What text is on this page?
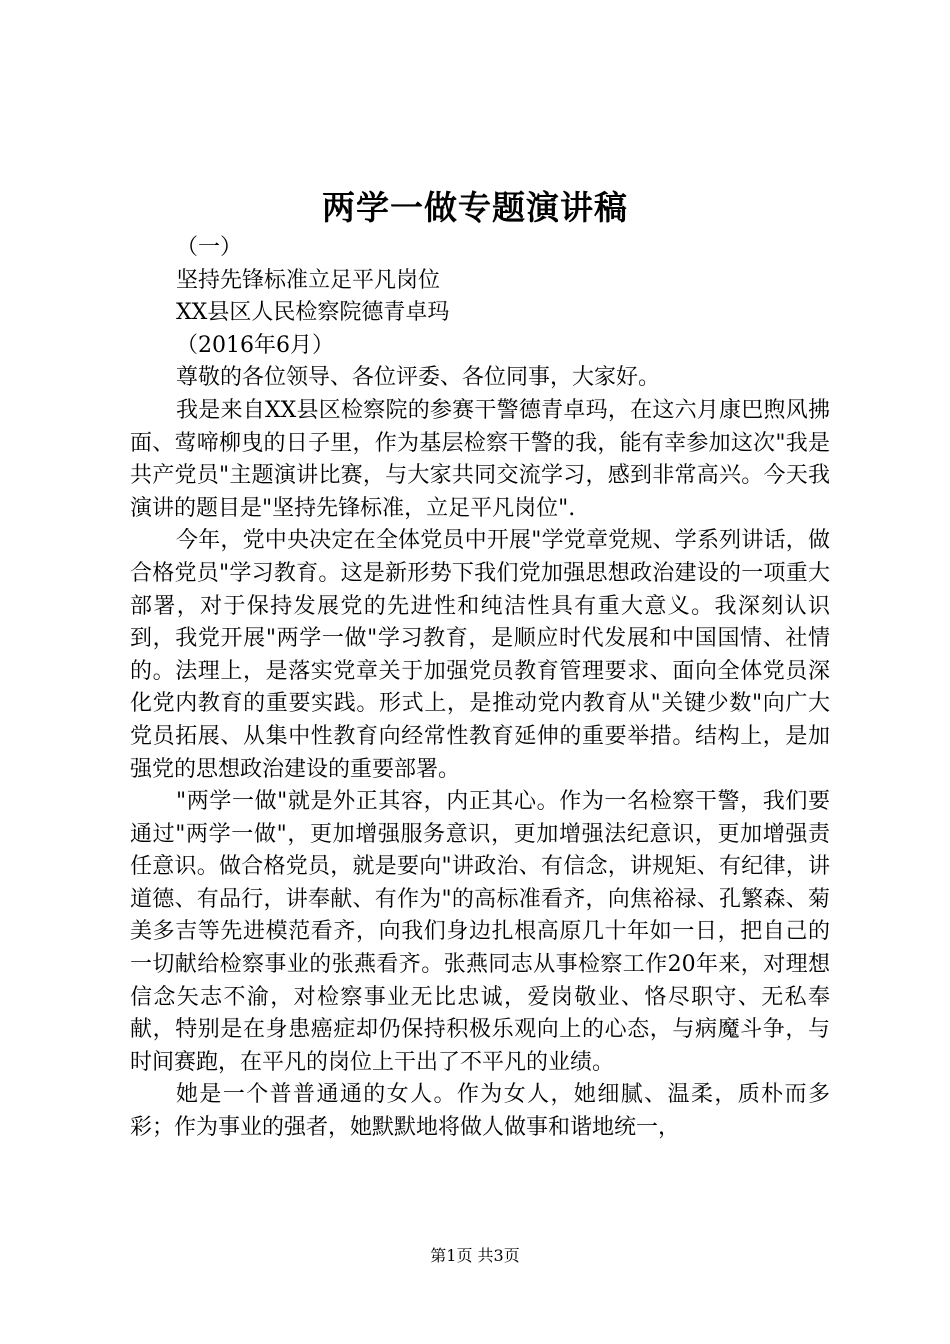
两学一做专题演讲稿

（一）

坚持先锋标准立足平凡岗位

XX县区人民检察院德青卓玛

（2016年6月）

尊敬的各位领导、各位评委、各位同事，大家好。

我是来自XX县区检察院的参赛干警德青卓玛，在这六月康巴煦风拂面、莺啼柳曳的日子里，作为基层检察干警的我，能有幸参加这次"我是共产党员"主题演讲比赛，与大家共同交流学习，感到非常高兴。今天我演讲的题目是"坚持先锋标准，立足平凡岗位".

今年，党中央决定在全体党员中开展"学党章党规、学系列讲话，做合格党员"学习教育。这是新形势下我们党加强思想政治建设的一项重大部署，对于保持发展党的先进性和纯洁性具有重大意义。我深刻认识到，我党开展"两学一做"学习教育，是顺应时代发展和中国国情、社情的。法理上，是落实党章关于加强党员教育管理要求、面向全体党员深化党内教育的重要实践。形式上，是推动党内教育从"关键少数"向广大党员拓展、从集中性教育向经常性教育延伸的重要举措。结构上，是加强党的思想政治建设的重要部署。

"两学一做"就是外正其容，内正其心。作为一名检察干警，我们要通过"两学一做"，更加增强服务意识，更加增强法纪意识，更加增强责任意识。做合格党员，就是要向"讲政治、有信念，讲规矩、有纪律，讲道德、有品行，讲奉献、有作为"的高标准看齐，向焦裕禄、孔繁森、菊美多吉等先进模范看齐，向我们身边扎根高原几十年如一日，把自己的一切献给检察事业的张燕看齐。张燕同志从事检察工作20年来，对理想信念矢志不渝，对检察事业无比忠诚，爱岗敬业、恪尽职守、无私奉献，特别是在身患癌症却仍保持积极乐观向上的心态，与病魔斗争，与时间赛跑，在平凡的岗位上干出了不平凡的业绩。

她是一个普普通通的女人。作为女人，她细腻、温柔，质朴而多彩；作为事业的强者，她默默地将做人做事和谐地统一，

第1页 共3页
